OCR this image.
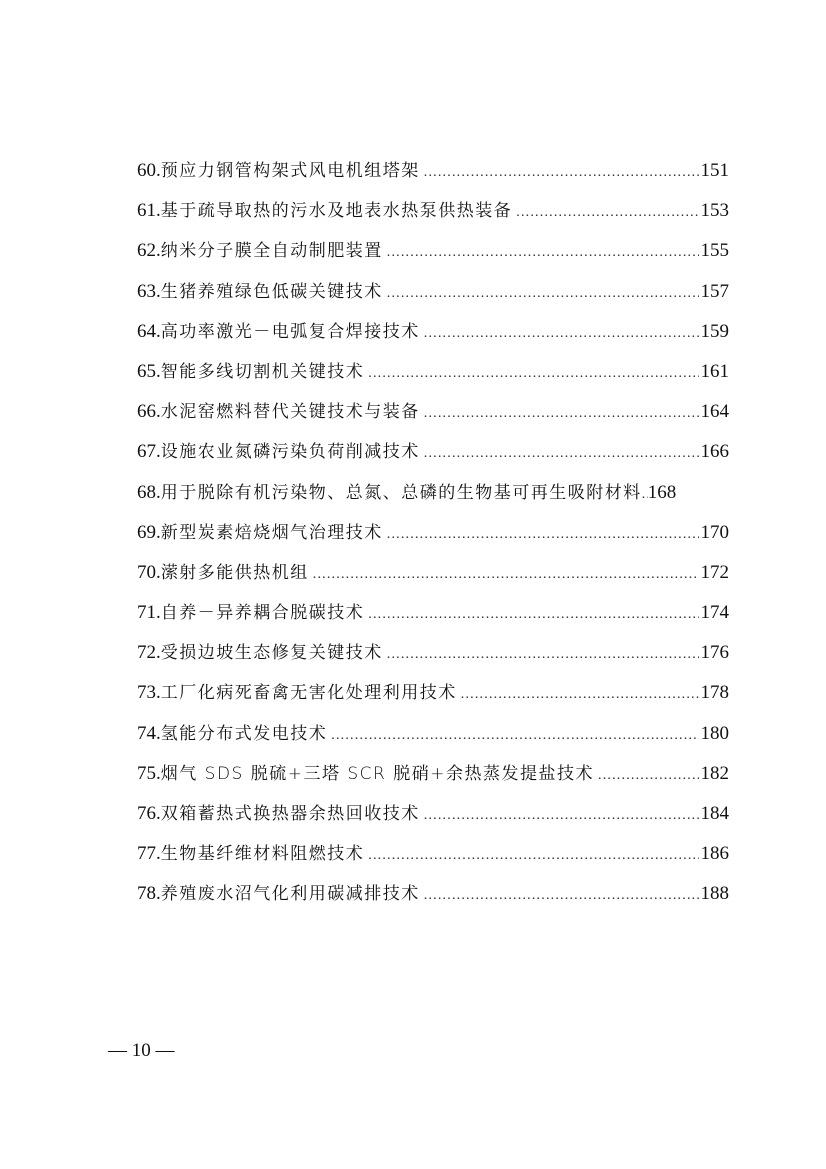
60.预应力钢管构架式风电机组塔架 .....	151
61.基于疏导取热的污水及地表水热泵供热装备 .....	153
62.纳米分子膜全自动制肥装置 .....	155
63.生猪养殖绿色低碳关键技术 .....	157
64.高功率激光－电弧复合焊接技术 .....	159
65.智能多线切割机关键技术 .....	161
66.水泥窑燃料替代关键技术与装备 .....	164
67.设施农业氮磷污染负荷削减技术 .....	166
68.用于脱除有机污染物、总氮、总磷的生物基可再生吸附材料 ..... 168
69.新型炭素焙烧烟气治理技术 .....	170
70.潆射多能供热机组 .....	172
71.自养－异养耦合脱碳技术 .....	174
72.受损边坡生态修复关键技术 .....	176
73.工厂化病死畜禽无害化处理利用技术 .....	178
74.氢能分布式发电技术 .....	180
75.烟气 SDS 脱硫+三塔 SCR 脱硝+余热蒸发提盐技术 .....	182
76.双箱蓄热式换热器余热回收技术 .....	184
77.生物基纤维材料阻燃技术 .....	186
78.养殖废水沼气化利用碳减排技术 .....	188
— 10 —
